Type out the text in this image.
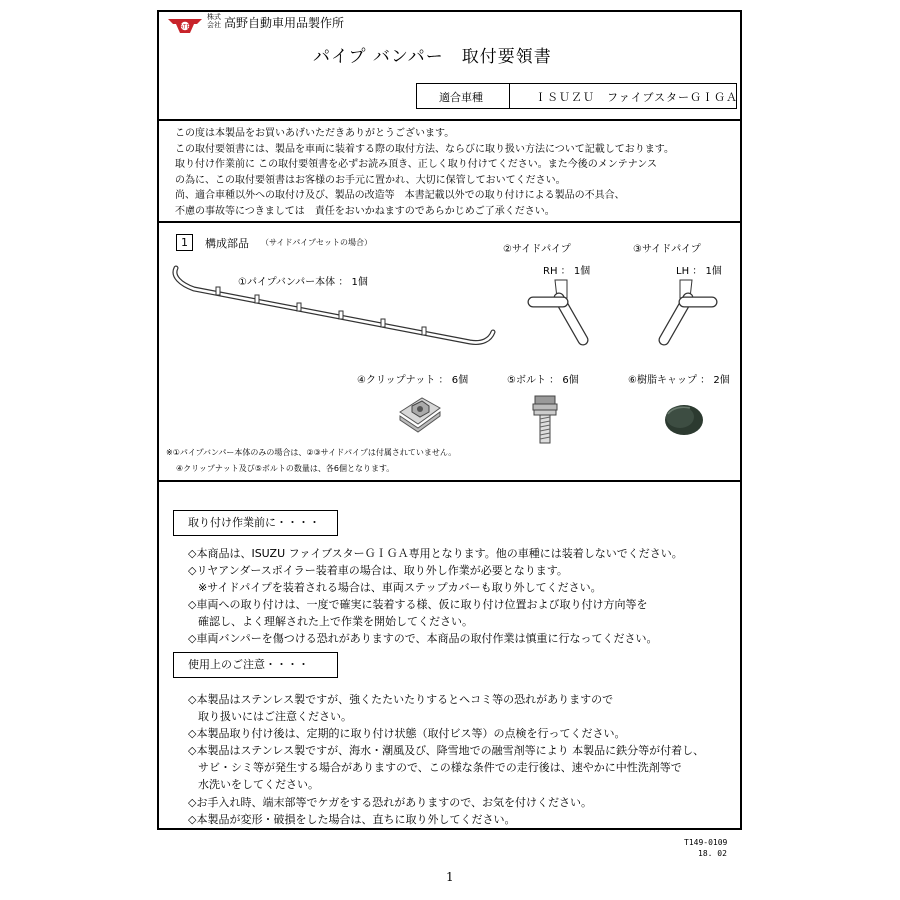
ATE
株式
会社 高野自動車用品製作所
パイプ バンパー　取付要領書
適合車種	ＩＳＵＺＵ　ファイブスターＧＩＧＡ
この度は本製品をお買いあげいただきありがとうございます。
この取付要領書には、製品を車両に装着する際の取付方法、ならびに取り扱い方法について記載しております。
取り付け作業前に この取付要領書を必ずお読み頂き、正しく取り付けてください。また今後のメンテナンス
の為に、この取付要領書はお客様のお手元に置かれ、大切に保管しておいてください。
尚、適合車種以外への取付け及び、製品の改造等　本書記載以外での取り付けによる製品の不具合、
不慮の事故等につきましては　責任をおいかねますのであらかじめご了承ください。
1	構成部品 （サイドパイプセットの場合）
①パイプバンパー本体 ： 1個
②サイドパイプ
RH ： 1個
③サイドパイプ
LH ： 1個
④クリップナット ： 6個	⑤ボルト ： 6個	⑥樹脂キャップ ： 2個
※①パイプバンパー本体のみの場合は、②③サイドパイプは付属されていません。
④クリップナット及び⑤ボルトの数量は、各6個となります。
取り付け作業前に・・・・
◇本商品は、ISUZU ファイブスターＧＩＧＡ専用となります。他の車種には装着しないでください。
◇リヤアンダースポイラー装着車の場合は、取り外し作業が必要となります。
※サイドパイプを装着される場合は、車両ステップカバーも取り外してください。
◇車両への取り付けは、一度で確実に装着する様、仮に取り付け位置および取り付け方向等を
確認し、よく理解された上で作業を開始してください。
◇車両バンパーを傷つける恐れがありますので、本商品の取付作業は慎重に行なってください。
使用上のご注意・・・・
◇本製品はステンレス製ですが、強くたたいたりするとヘコミ等の恐れがありますので
取り扱いにはご注意ください。
◇本製品取り付け後は、定期的に取り付け状態（取付ビス等）の点検を行ってください。
◇本製品はステンレス製ですが、海水・潮風及び、降雪地での融雪剤等により 本製品に鉄分等が付着し、
サビ・シミ等が発生する場合がありますので、この様な条件での走行後は、速やかに中性洗剤等で
水洗いをしてください。
◇お手入れ時、端末部等でケガをする恐れがありますので、お気を付けください。
◇本製品が変形・破損をした場合は、直ちに取り外してください。
T149-0109
18. 02
1
